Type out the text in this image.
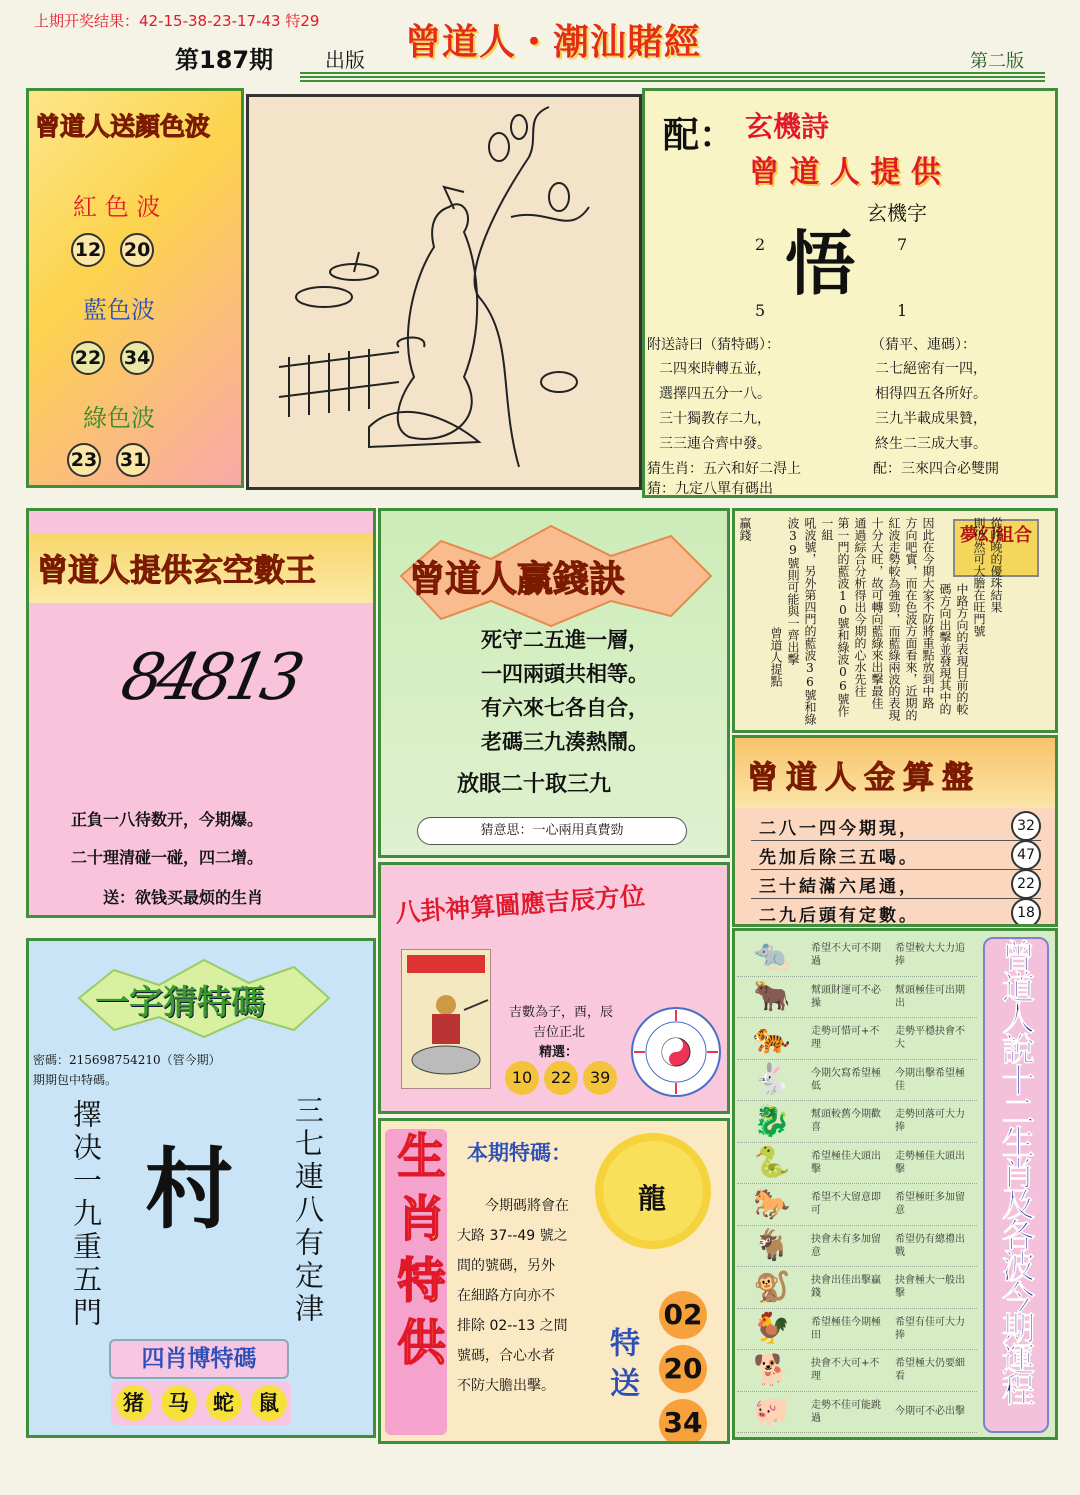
上期开奖结果：42-15-38-23-17-43 特29
第187期	出版 曾道人・潮汕賭經	第二版
曾道人送顏色波
紅 色 波
12 20
藍色波
22 34
綠色波
23 31
配： 玄機詩
曾 道 人 提 供
玄機字
2	7
5	1
悟
附送詩曰（猜特碼）：	（猜平、連碼）：
二四來時轉五並，
選擇四五分一八。
三十獨教存二九，
三三連合齊中發。
二七絕密有一四，
相得四五各所好。
三九半載成果贊，
終生二三成大事。
猜生肖：五六和好二淂上	配：三來四合必雙開
猜：九定八單有碼出
曾道人提供玄空數王
84813
正負一八待数开，今期爆。
二十理清碰一碰，四二增。
送：欲钱买最烦的生肖
曾道人贏錢訣
死守二五進一層，
一四兩頭共相等。
有六來七各自合，
老碼三九湊熱鬧。
放眼二十取三九
猜意思：一心兩用真費勁
夢幻組合
從昨晚的優珠結果
則仍然可大膽在旺門號
中路方向的表現目前的較
碼方向出擊並發現其中的
因此在今期大家不防將重點放到中路
方向吧實，而在色波方面看來，近期的
紅波走勢較為強勁，而藍綠兩波的表現
十分大旺，故可轉向藍綠來出擊最佳
通過綜合分析得出今期的心水先往
第一門的藍波10號和綠波06號作一組
吼波號，另外第四門的藍波36號和綠
波39號則可能與一齊出擊
曾道人提點
贏錢
曾道人金算盤
二八一四今期現，	32
先加后除三五喝。	47
三十結滿六尾通，	22
二九后頭有定數。	18
八卦神算圖應吉辰方位
吉數為子，酉，辰
吉位正北
精選：
10 22 39
一字猜特碼
密碼：215698754210（管今期）
期期包中特碼。
擇决一九重五門 村 三七連八有定津
四肖博特碼
猪	马	蛇	鼠
生肖特供 本期特碼：
今期碼將會在
大路 37--49 號之
間的號碼，另外
在細路方向亦不
排除 02--13 之間
號碼，合心水者
不防大膽出擊。
龍
特送
02
20
34
🐀	希望不大可不期過
希望較大大力追捧
🐂	幫頭財運可不必操
幫頭極佳可出期出
🐅	走勢可惜可+不理
走勢平穩抉會不大
🐇	今期欠寫希望極低
今期出擊希望極佳
🐉	幫頭較舊今期歡喜
走勢回落可大力捧
🐍	希望極佳大頭出擊
走勢極佳大頭出擊
🐎	希望不大留意即可
希望極旺多加留意
🐐	抉會未有多加留意
希望仍有總禮出戰
🐒	抉會出佳出擊贏錢
抉會極大一般出擊
🐓	希望極佳今期極田
希望有佳可大力捧
🐕	抉會不大可+不理
希望極大仍要細看
🐖	走勢不佳可能跳過
今期可不必出擊
曾道人說十二生肖及各波今期運程
